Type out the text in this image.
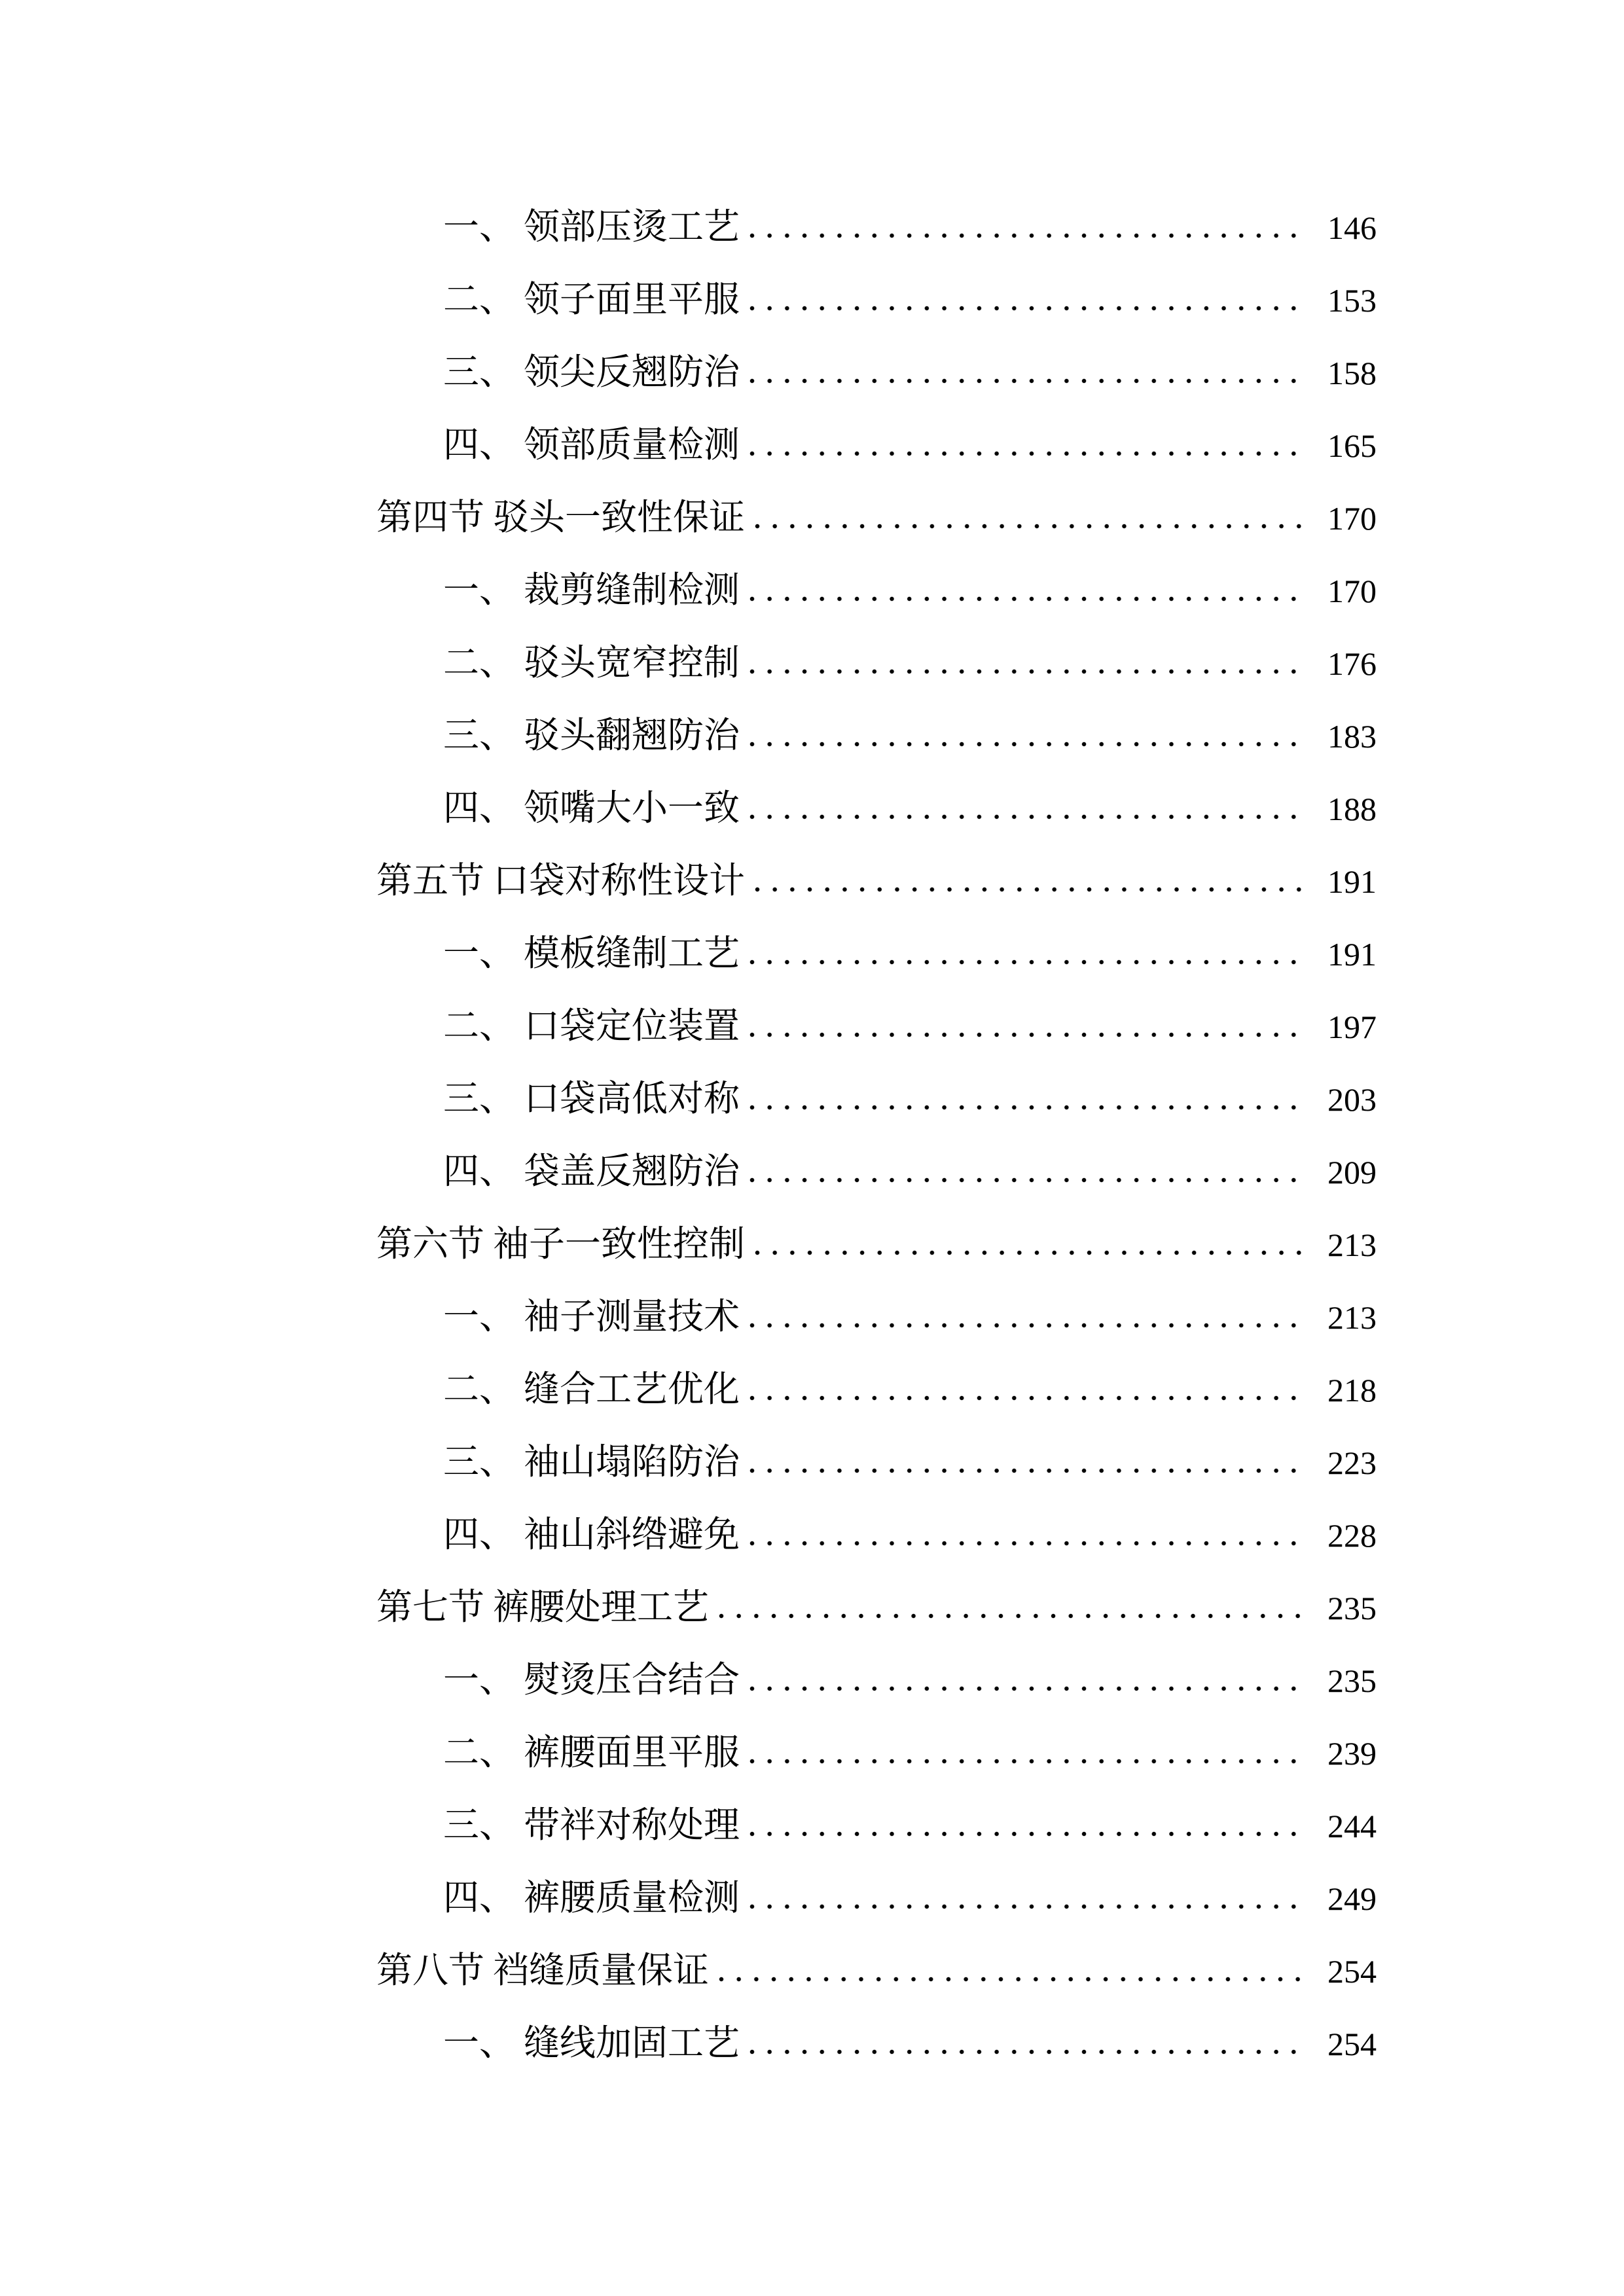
一、 领部压烫工艺	146
二、 领子面里平服	153
三、 领尖反翘防治	158
四、 领部质量检测	165
第四节 驳头一致性保证	170
一、 裁剪缝制检测	170
二、 驳头宽窄控制	176
三、 驳头翻翘防治	183
四、 领嘴大小一致	188
第五节 口袋对称性设计	191
一、 模板缝制工艺	191
二、 口袋定位装置	197
三、 口袋高低对称	203
四、 袋盖反翘防治	209
第六节 袖子一致性控制	213
一、 袖子测量技术	213
二、 缝合工艺优化	218
三、 袖山塌陷防治	223
四、 袖山斜绺避免	228
第七节 裤腰处理工艺	235
一、 熨烫压合结合	235
二、 裤腰面里平服	239
三、 带袢对称处理	244
四、 裤腰质量检测	249
第八节 裆缝质量保证	254
一、 缝线加固工艺	254
